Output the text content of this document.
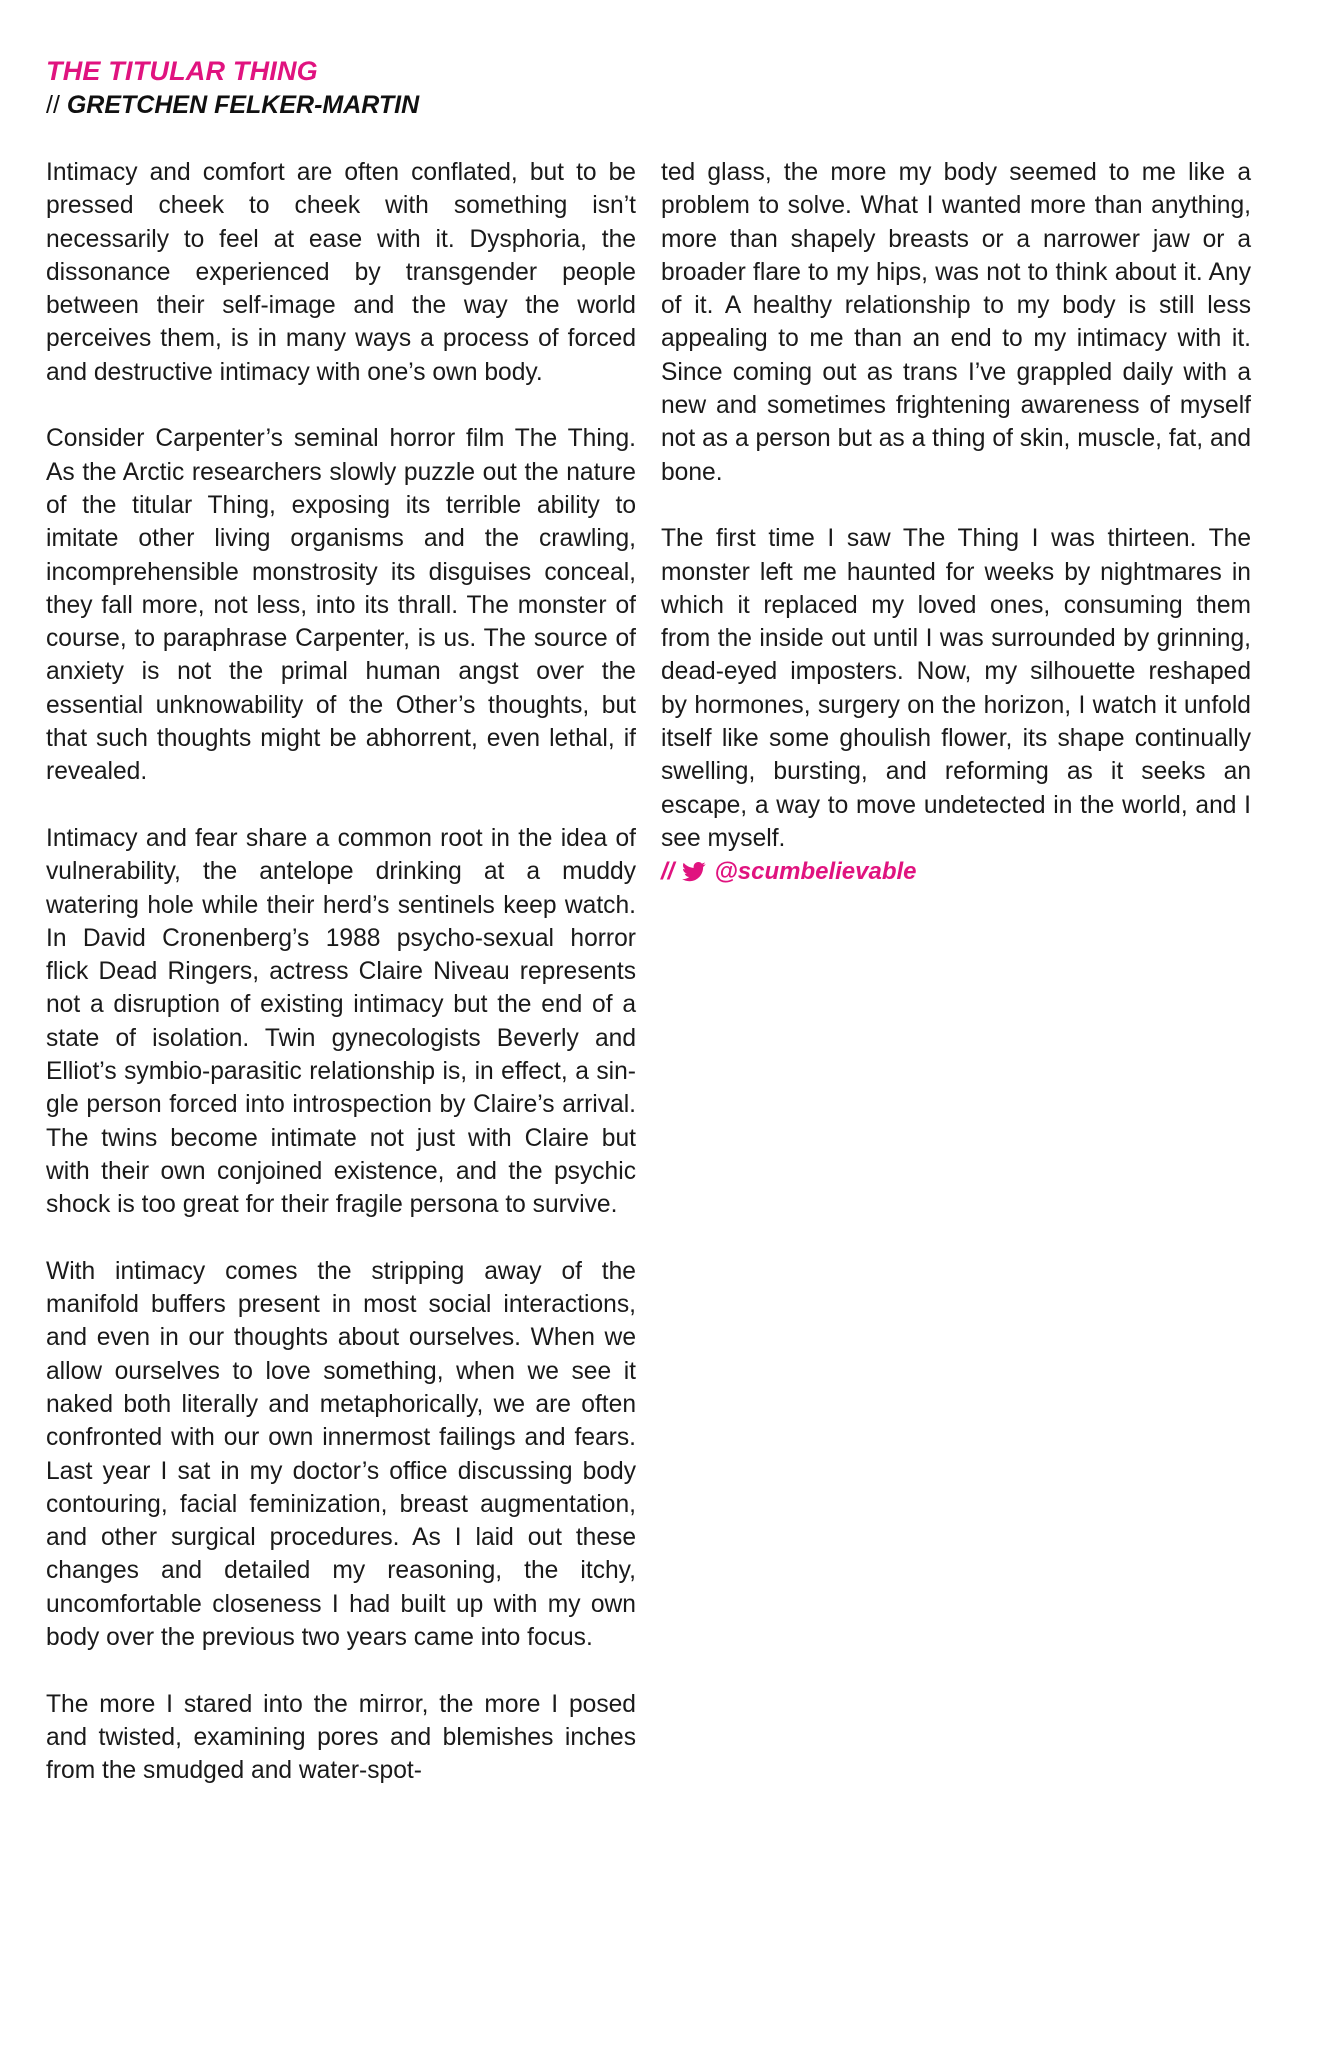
THE TITULAR THING
// GRETCHEN FELKER-MARTIN

Intimacy and comfort are often conflated, but to be pressed cheek to cheek with something isn’t necessarily to feel at ease with it. Dysphoria, the dissonance experienced by transgender people between their self-image and the way the world perceives them, is in many ways a process of forced and destructive intimacy with one’s own body.

Consider Carpenter’s seminal horror film The Thing. As the Arctic researchers slowly puzzle out the nature of the titular Thing, exposing its terrible ability to imitate other living organisms and the crawling, incomprehensible monstrosity its disguises conceal, they fall more, not less, into its thrall. The monster of course, to paraphrase Carpenter, is us. The source of anxiety is not the primal human angst over the essential unknowability of the Other’s thoughts, but that such thoughts might be abhorrent, even lethal, if revealed.

Intimacy and fear share a common root in the idea of vulnerability, the antelope drinking at a muddy watering hole while their herd’s sentinels keep watch. In David Cronenberg’s 1988 psycho-sexual horror flick Dead Ringers, actress Claire Niveau represents not a disruption of existing intimacy but the end of a state of isolation. Twin gynecologists Beverly and Elliot’s symbio-parasitic relationship is, in effect, a single person forced into introspection by Claire’s arrival. The twins become intimate not just with Claire but with their own conjoined existence, and the psychic shock is too great for their fragile persona to survive.

With intimacy comes the stripping away of the manifold buffers present in most social interactions, and even in our thoughts about ourselves. When we allow ourselves to love something, when we see it naked both literally and metaphorically, we are often confronted with our own innermost failings and fears. Last year I sat in my doctor’s office discussing body contouring, facial feminization, breast augmentation, and other surgical procedures. As I laid out these changes and detailed my reasoning, the itchy, uncomfortable closeness I had built up with my own body over the previous two years came into focus.

The more I stared into the mirror, the more I posed and twisted, examining pores and blemishes inches from the smudged and water-spot-

ted glass, the more my body seemed to me like a problem to solve. What I wanted more than anything, more than shapely breasts or a narrower jaw or a broader flare to my hips, was not to think about it. Any of it. A healthy relationship to my body is still less appealing to me than an end to my intimacy with it. Since coming out as trans I’ve grappled daily with a new and sometimes frightening awareness of myself not as a person but as a thing of skin, muscle, fat, and bone.

The first time I saw The Thing I was thirteen. The monster left me haunted for weeks by nightmares in which it replaced my loved ones, consuming them from the inside out until I was surrounded by grinning, dead-eyed imposters. Now, my silhouette reshaped by hormones, surgery on the horizon, I watch it unfold itself like some ghoulish flower, its shape continually swelling, bursting, and reforming as it seeks an escape, a way to move undetected in the world, and I see myself.

// @scumbelievable
